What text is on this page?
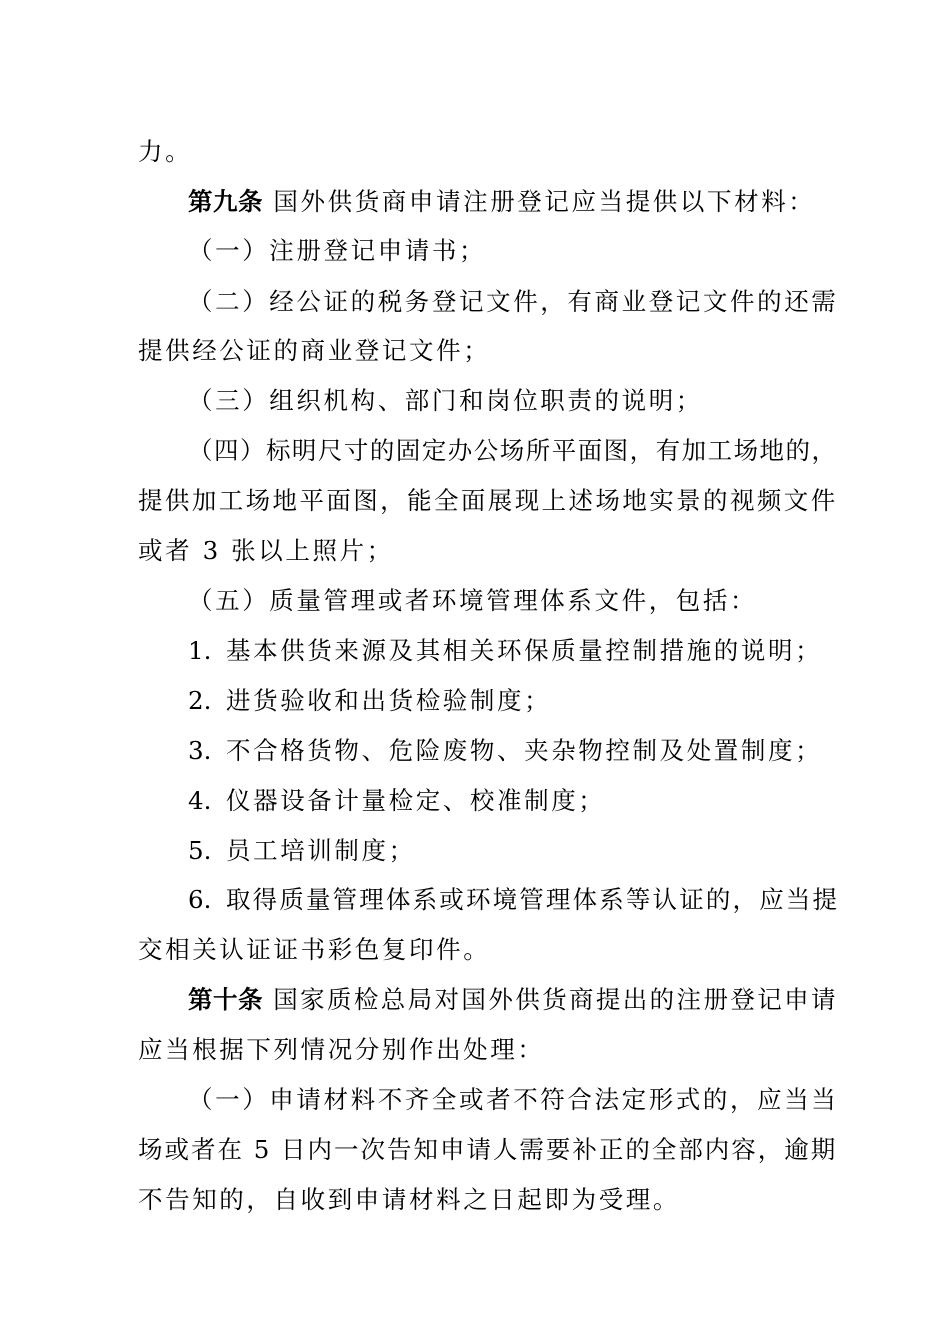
力。
第九条 国外供货商申请注册登记应当提供以下材料：
（一）注册登记申请书；
（二）经公证的税务登记文件，有商业登记文件的还需
提供经公证的商业登记文件；
（三）组织机构、部门和岗位职责的说明；
（四）标明尺寸的固定办公场所平面图，有加工场地的，
提供加工场地平面图，能全面展现上述场地实景的视频文件
或者 3 张以上照片；
（五）质量管理或者环境管理体系文件，包括：
1. 基本供货来源及其相关环保质量控制措施的说明；
2. 进货验收和出货检验制度；
3. 不合格货物、危险废物、夹杂物控制及处置制度；
4. 仪器设备计量检定、校准制度；
5. 员工培训制度；
6. 取得质量管理体系或环境管理体系等认证的，应当提
交相关认证证书彩色复印件。
第十条 国家质检总局对国外供货商提出的注册登记申请
应当根据下列情况分别作出处理：
（一）申请材料不齐全或者不符合法定形式的，应当当
场或者在 5 日内一次告知申请人需要补正的全部内容，逾期
不告知的，自收到申请材料之日起即为受理。
